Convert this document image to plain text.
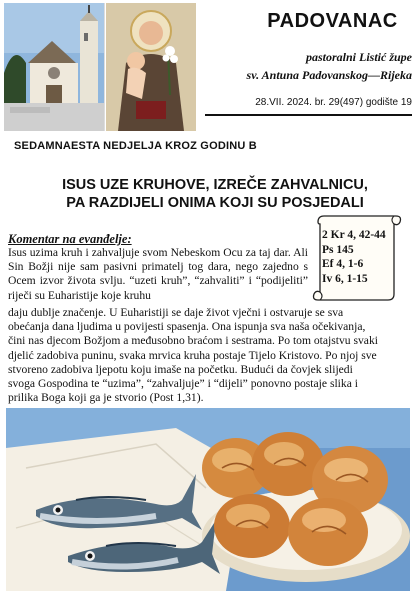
PADOVANAC
pastoralni Listić župe
sv. Antuna Padovanskog—Rijeka
28.VII. 2024. br. 29(497) godište 19
SEDAMNAESTA NEDJELJA KROZ GODINU B
ISUS UZE KRUHOVE, IZREČE ZAHVALNICU,
PA RAZDIJELI ONIMA KOJI SU POSJEDALI
2 Kr 4, 42-44
Ps 145
Ef 4, 1-6
Iv 6, 1-15
Komentar na evanđelje:
Isus uzima kruh i zahvaljuje svom Nebeskom Ocu za taj dar. Ali Sin Božji nije sam pasivni primatelj tog dara, nego zajedno s Ocem izvor života svlju. “uzeti kruh”, “zahvaliti” i “podijeliti” riječi su Euharistije koje kruhu
daju dublje značenje. U Euharistiji se daje život vječni i ostvaruje se sva
obećanja dana ljudima u povijesti spasenja. Ona ispunja sva naša očekivanja,
čini nas djecom Božjom a međusobno braćom i sestrama. Po tom otajstvu svaki
djelić zadobiva puninu, svaka mrvica kruha postaje Tijelo Kristovo. Po njoj sve
stvoreno zadobiva ljepotu koju imaše na početku. Budući da čovjek slijedi
svoga Gospodina te “uzima”, “zahvaljuje” i “dijeli” ponovno postaje slika i
prilika Boga koji ga je stvorio (Post 1,31).
